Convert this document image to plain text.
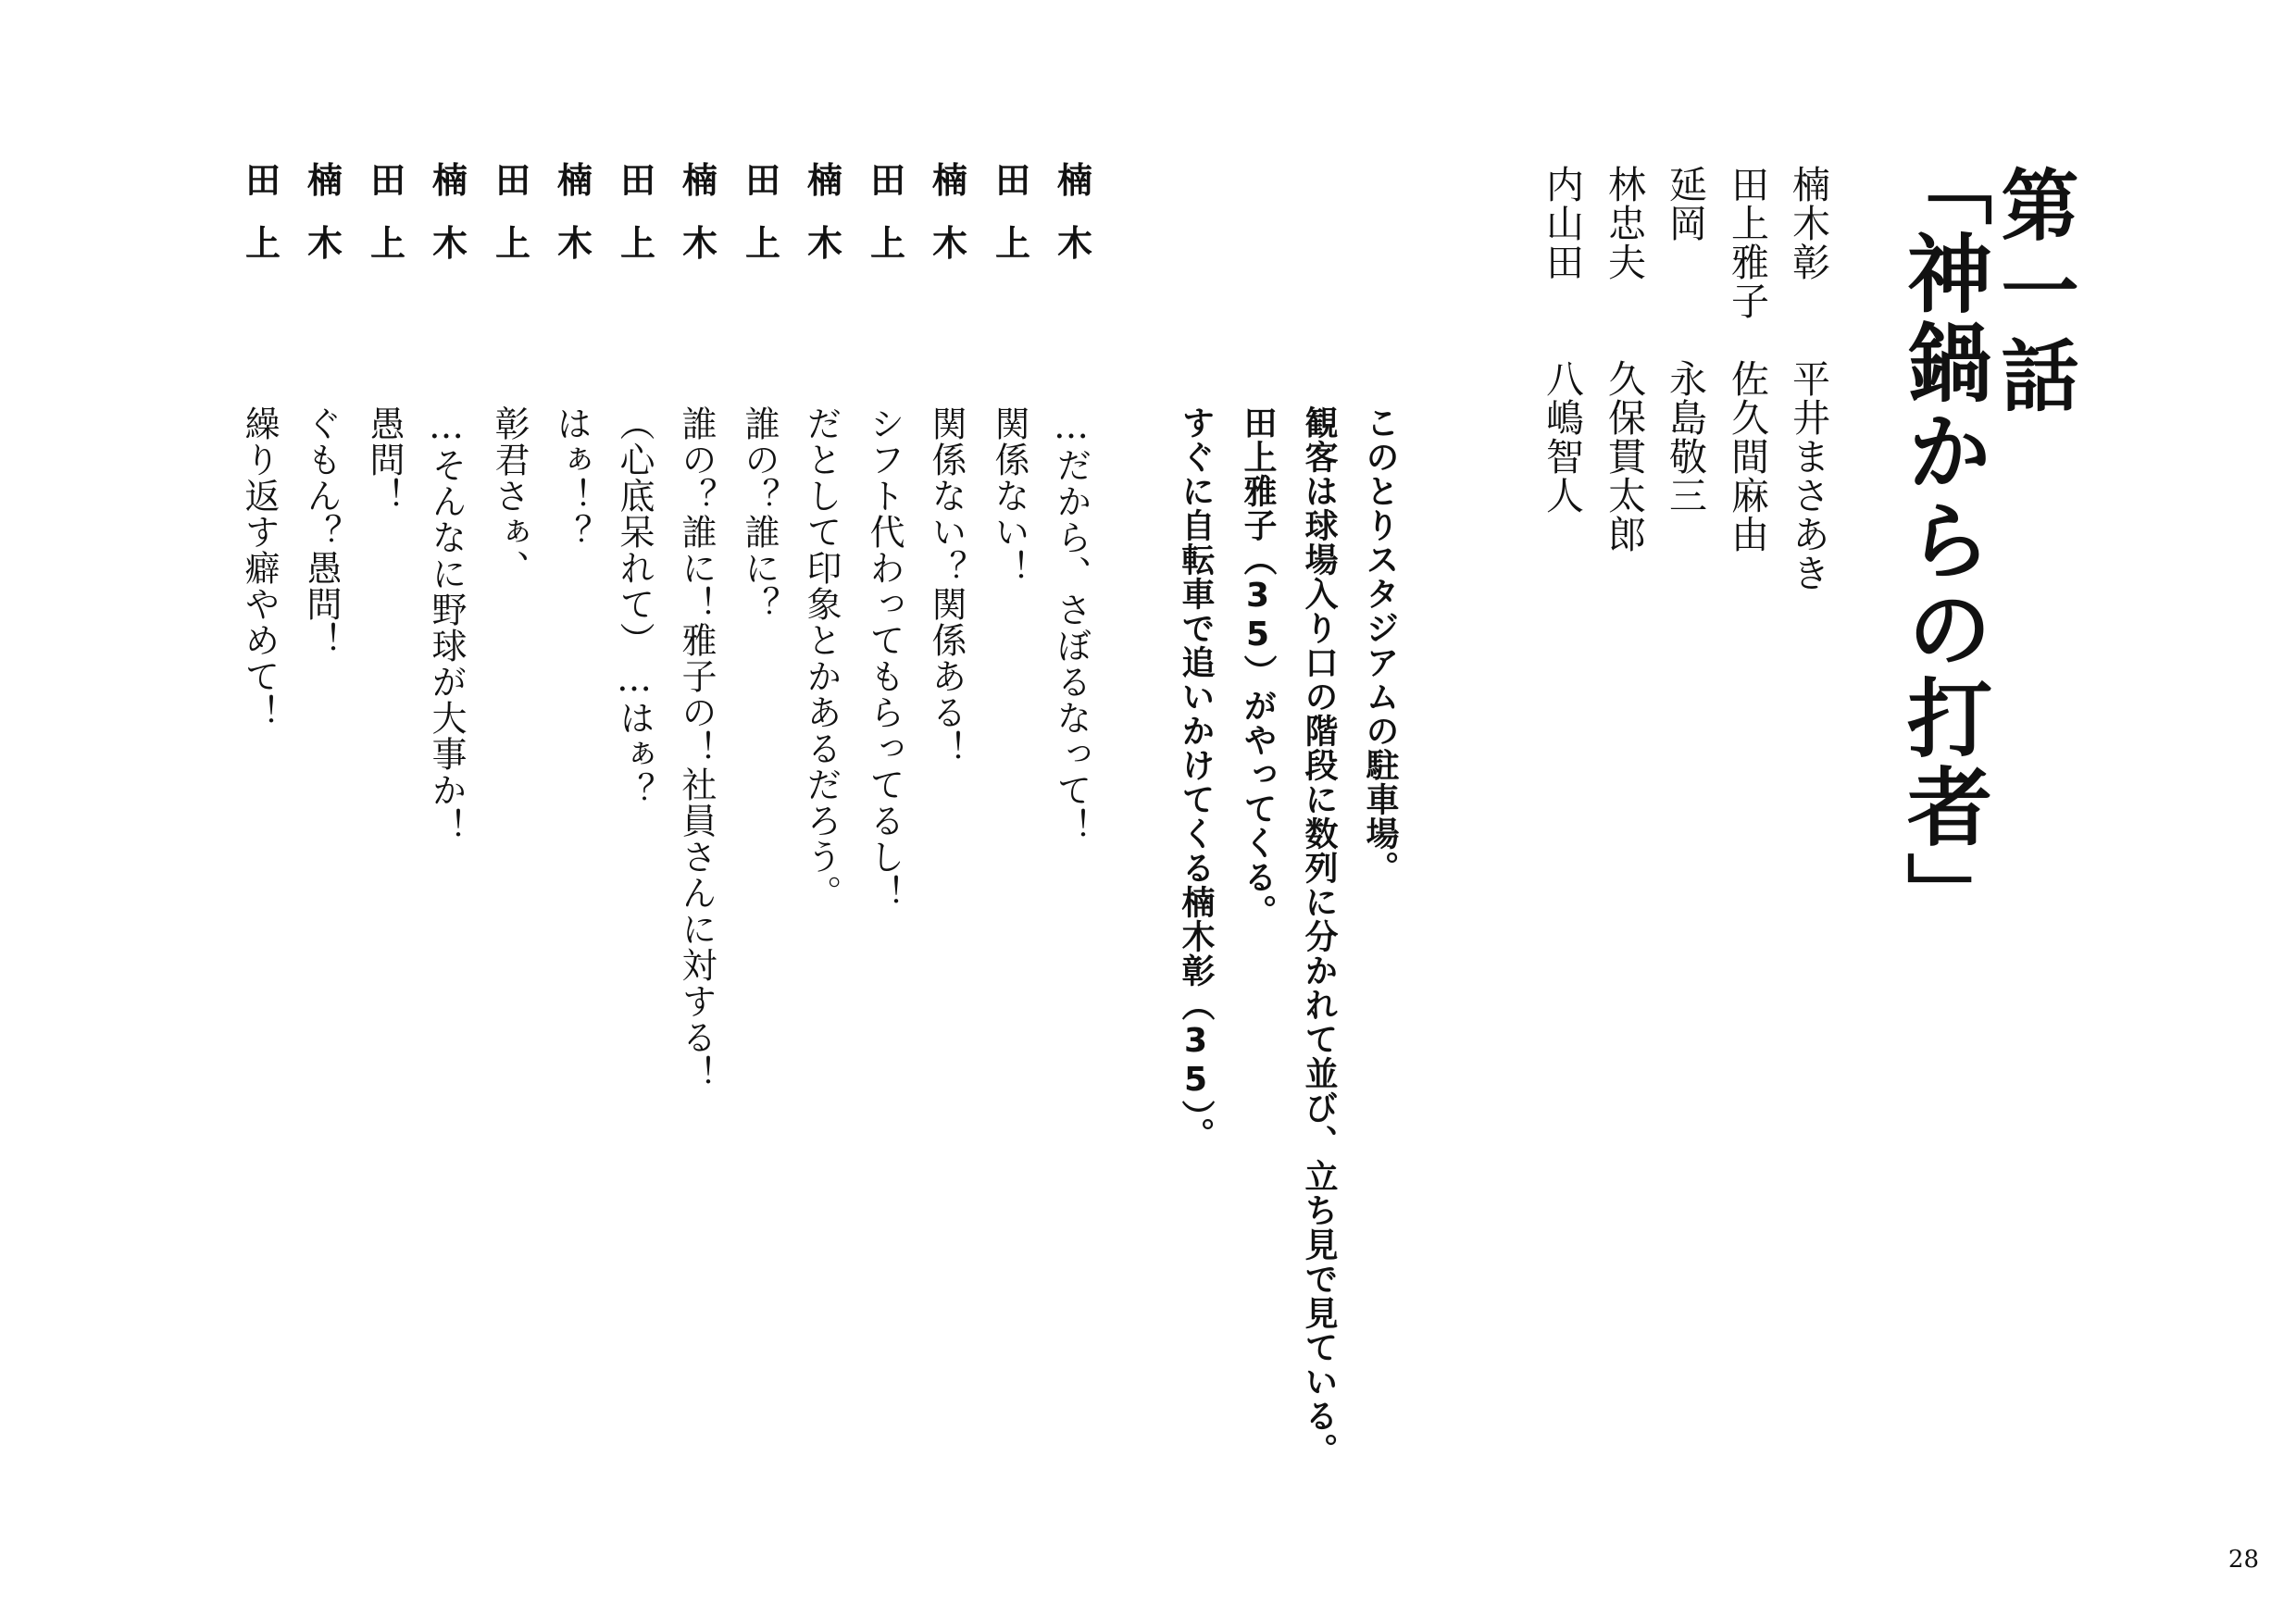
第一話
「神鍋からの打者」
楠木彰　　平井まさあき
田上雅子　佐久間麻由
延岡　　　永島敬三
林忠夫　　久保貫太郎
内山田　　八嶋智人
このとりスタジアムの駐車場。
観客は球場入り口の階段に数列に分かれて並び、立ち見で見ている。
田上雅子（35）がやってくる。
すぐに自転車で追いかけてくる楠木彰（35）。
楠
木
…だから、さぼるなって！
田
上
関係ない！
楠
木
関係ない？関係ある！
田
上
シフト代わってもらってるし！
楠
木
だとして印象とかあるだろう。
田
上
誰の？誰に？
楠
木
誰の？誰に！雅子の！社員さんに対する！
田
上
（心底呆れて）…はぁ？
楠
木
はぁ！？
田
上
彰君さぁ、
楠
木
…そんなに野球が大事か！
田
上
愚問！
楠
木
ぐもん？愚問！
田
上
繰り返す癖やめて！
28
